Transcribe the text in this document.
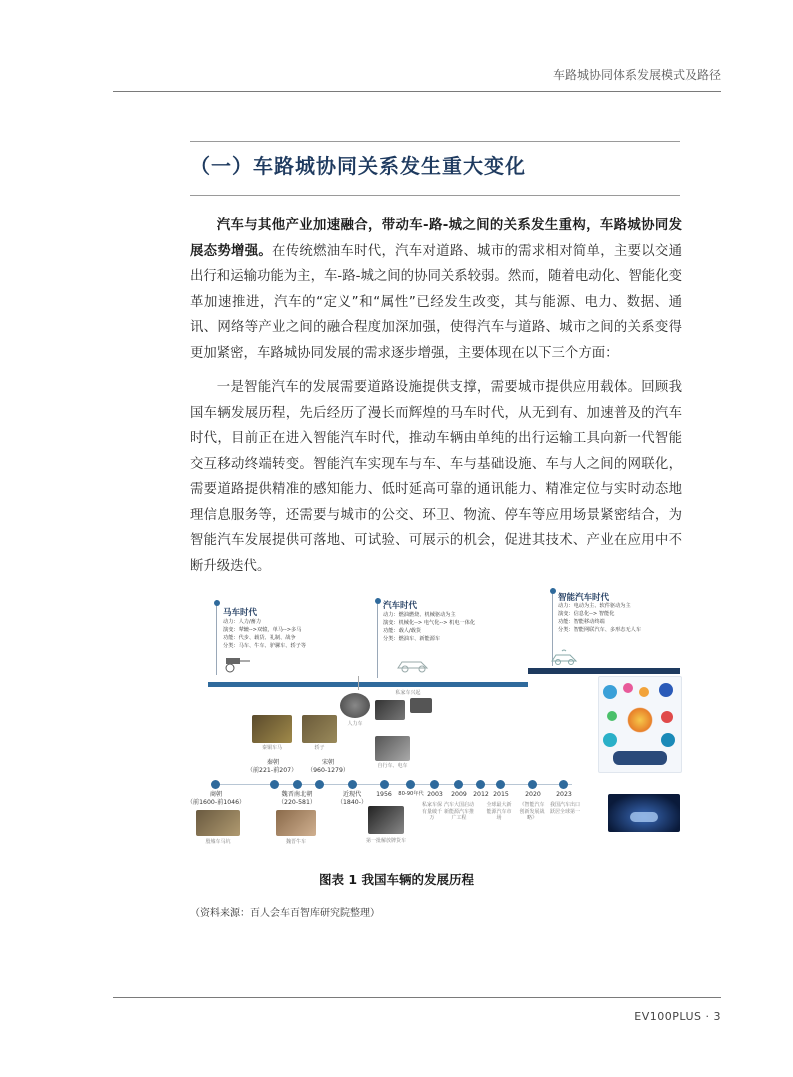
车路城协同体系发展模式及路径
（一）车路城协同关系发生重大变化
汽车与其他产业加速融合，带动车-路-城之间的关系发生重构，车路城协同发展态势增强。在传统燃油车时代，汽车对道路、城市的需求相对简单，主要以交通出行和运输功能为主，车-路-城之间的协同关系较弱。然而，随着电动化、智能化变革加速推进，汽车的“定义”和“属性”已经发生改变，其与能源、电力、数据、通讯、网络等产业之间的融合程度加深加强，使得汽车与道路、城市之间的关系变得更加紧密，车路城协同发展的需求逐步增强，主要体现在以下三个方面：
一是智能汽车的发展需要道路设施提供支撑，需要城市提供应用载体。回顾我国车辆发展历程，先后经历了漫长而辉煌的马车时代，从无到有、加速普及的汽车时代，目前正在进入智能汽车时代，推动车辆由单纯的出行运输工具向新一代智能交互移动终端转变。智能汽车实现车与车、车与基础设施、车与人之间的网联化，需要道路提供精准的感知能力、低时延高可靠的通讯能力、精准定位与实时动态地理信息服务等，还需要与城市的公交、环卫、物流、停车等应用场景紧密结合，为智能汽车发展提供可落地、可试验、可展示的机会，促进其技术、产业在应用中不断升级迭代。
马车时代
动力：人力/畜力
演变：辇辘-->双辕，单马-->多马
功能：代步、载货、礼制、战争
分类：马车、牛车、驴骡车、轿子等
汽车时代
动力：燃油燃烧、机械驱动为主
演变：机械化--> 电气化--> 机电一体化
功能：载人/载货
分类：燃油车、新能源车
智能汽车时代
动力：电动为主、软件驱动为主
演变：信息化--> 智能化
功能：智能移动终端
分类：智能网联汽车、多形态无人车
秦铜车马	轿子
人力车
自行车、电车
私家车兴起
秦朝
（前221-前207）
宋朝
（960-1279）
商朝
（前1600-前1046）
魏晋南北朝
（220-581）
近现代
（1840-）
1956	80-90年代 2003	2009	2012 2015	2020	2023
殷墟车马坑	魏晋牛车	第一批解放牌货车
私家车保有量破千万
汽车大国启动新能源汽车推广工程
全球最大新能源汽车市场
《智能汽车创新发展战略》
我国汽车出口跃居全球第一
图表 1 我国车辆的发展历程
（资料来源：百人会车百智库研究院整理）
EV100PLUS · 3
